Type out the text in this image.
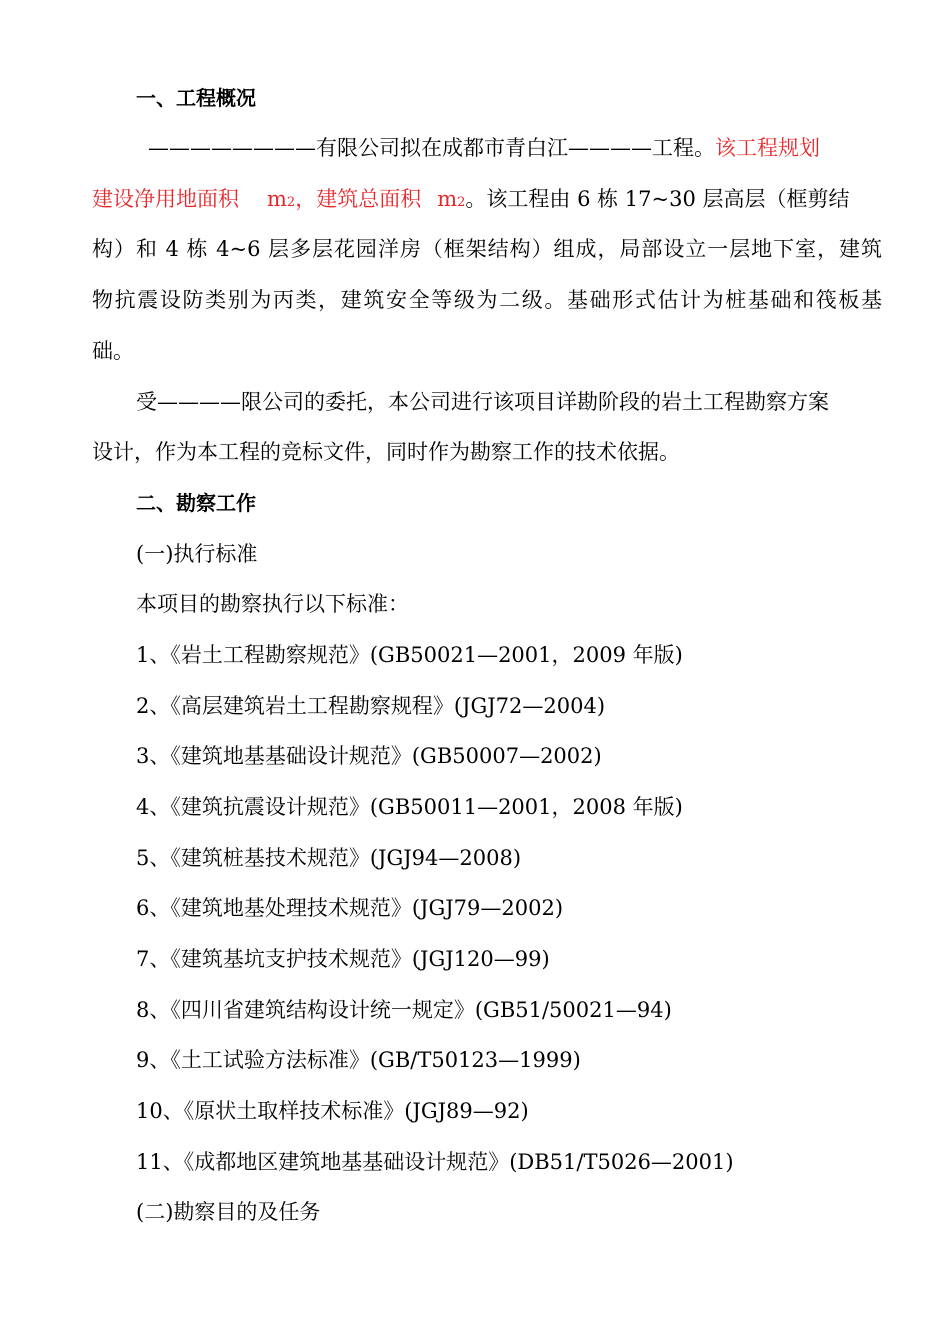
一、工程概况
————————有限公司拟在成都市青白江————工程。该工程规划
建设净用地面积 m2，建筑总面积 m2。该工程由 6 栋 17~30 层高层（框剪结
构）和 4 栋 4~6 层多层花园洋房（框架结构）组成，局部设立一层地下室，建筑
物抗震设防类别为丙类，建筑安全等级为二级。基础形式估计为桩基础和筏板基
础。
受————限公司的委托，本公司进行该项目详勘阶段的岩土工程勘察方案
设计，作为本工程的竞标文件，同时作为勘察工作的技术依据。
二、勘察工作
(一)执行标准
本项目的勘察执行以下标准：
1、《岩土工程勘察规范》(GB50021—2001，2009 年版)
2、《高层建筑岩土工程勘察规程》(JGJ72—2004)
3、《建筑地基基础设计规范》(GB50007—2002)
4、《建筑抗震设计规范》(GB50011—2001，2008 年版)
5、《建筑桩基技术规范》(JGJ94—2008)
6、《建筑地基处理技术规范》(JGJ79—2002)
7、《建筑基坑支护技术规范》(JGJ120—99)
8、《四川省建筑结构设计统一规定》(GB51/50021—94)
9、《土工试验方法标准》(GB/T50123—1999)
10、《原状土取样技术标准》(JGJ89—92)
11、《成都地区建筑地基基础设计规范》(DB51/T5026—2001)
(二)勘察目的及任务
